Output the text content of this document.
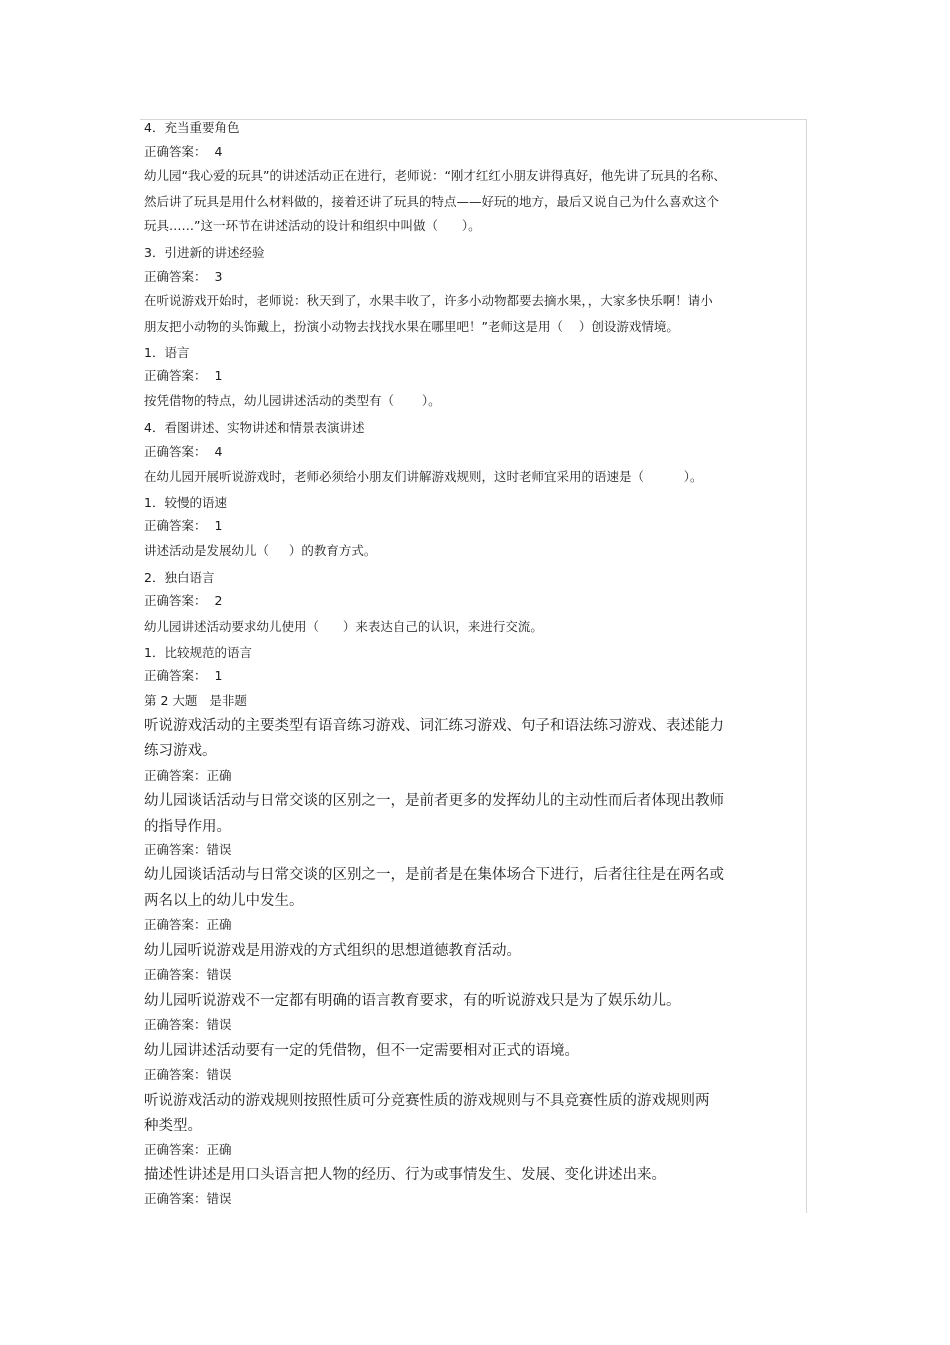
4．充当重要角色
正确答案：  4
幼儿园“我心爱的玩具”的讲述活动正在进行，老师说：“刚才红红小朋友讲得真好，他先讲了玩具的名称、
然后讲了玩具是用什么材料做的，接着还讲了玩具的特点——好玩的地方，最后又说自己为什么喜欢这个
玩具……”这一环节在讲述活动的设计和组织中叫做（      ）。
3．引进新的讲述经验
正确答案：  3
在听说游戏开始时，老师说：秋天到了，水果丰收了，许多小动物都要去摘水果，，大家多快乐啊！请小
朋友把小动物的头饰戴上，扮演小动物去找找水果在哪里吧！”老师这是用（    ）创设游戏情境。
1．语言
正确答案：  1
按凭借物的特点，幼儿园讲述活动的类型有（       ）。
4．看图讲述、实物讲述和情景表演讲述
正确答案：  4
在幼儿园开展听说游戏时，老师必须给小朋友们讲解游戏规则，这时老师宜采用的语速是（          ）。
1．较慢的语速
正确答案：  1
讲述活动是发展幼儿（     ）的教育方式。
2．独白语言
正确答案：  2
幼儿园讲述活动要求幼儿使用（      ）来表达自己的认识，来进行交流。
1．比较规范的语言
正确答案：  1
第 2 大题   是非题
听说游戏活动的主要类型有语音练习游戏、词汇练习游戏、句子和语法练习游戏、表述能力
练习游戏。
正确答案：正确
幼儿园谈话活动与日常交谈的区别之一，是前者更多的发挥幼儿的主动性而后者体现出教师
的指导作用。
正确答案：错误
幼儿园谈话活动与日常交谈的区别之一，是前者是在集体场合下进行，后者往往是在两名或
两名以上的幼儿中发生。
正确答案：正确
幼儿园听说游戏是用游戏的方式组织的思想道德教育活动。
正确答案：错误
幼儿园听说游戏不一定都有明确的语言教育要求，有的听说游戏只是为了娱乐幼儿。
正确答案：错误
幼儿园讲述活动要有一定的凭借物，但不一定需要相对正式的语境。
正确答案：错误
听说游戏活动的游戏规则按照性质可分竞赛性质的游戏规则与不具竞赛性质的游戏规则两
种类型。
正确答案：正确
描述性讲述是用口头语言把人物的经历、行为或事情发生、发展、变化讲述出来。
正确答案：错误
